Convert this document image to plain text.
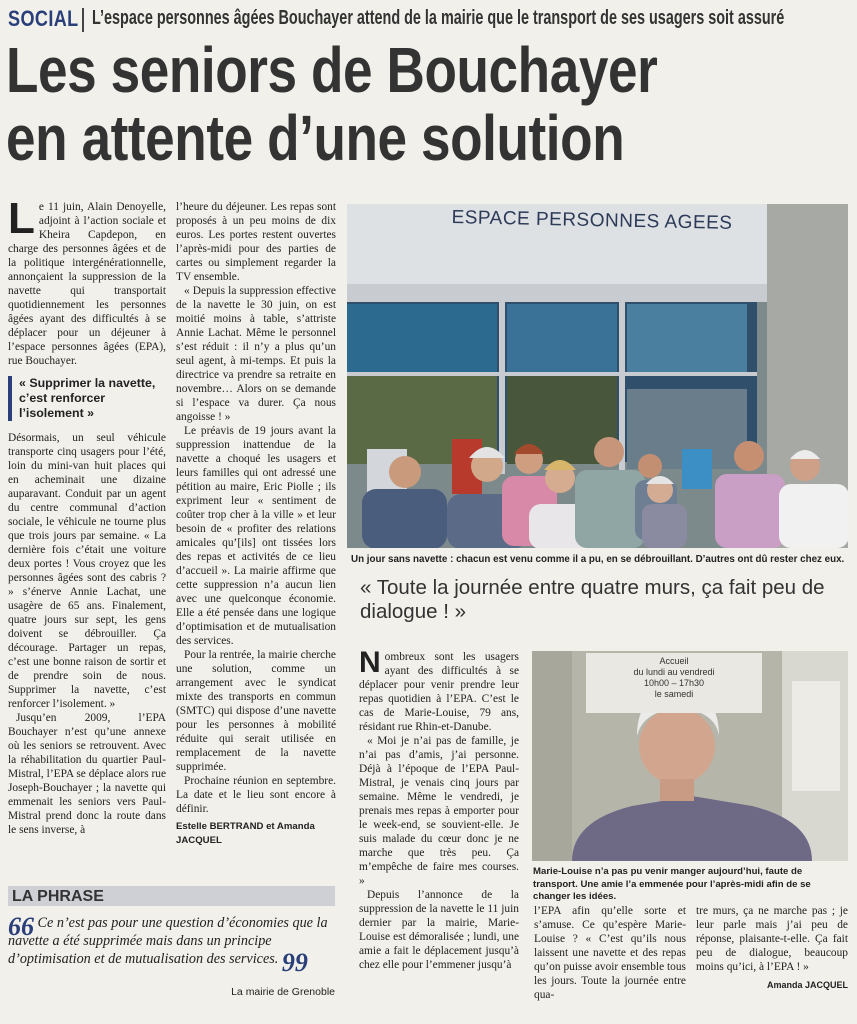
SOCIAL L’espace personnes âgées Bouchayer attend de la mairie que le transport de ses usagers soit assuré
Les seniors de Bouchayer
en attente d’une solution

Le 11 juin, Alain Denoyelle, adjoint à l’action sociale et Kheira Capdepon, en charge des personnes âgées et de la politique intergénérationnelle, annonçaient la suppression de la navette qui transportait quotidiennement les personnes âgées ayant des difficultés à se déplacer pour un déjeuner à l’espace personnes âgées (EPA), rue Bouchayer.

« Supprimer la navette, c’est renforcer l’isolement »

Désormais, un seul véhicule transporte cinq usagers pour l’été, loin du mini-van huit places qui en acheminait une dizaine auparavant. Conduit par un agent du centre communal d’action sociale, le véhicule ne tourne plus que trois jours par semaine. « La dernière fois c’était une voiture deux portes ! Vous croyez que les personnes âgées sont des cabris ? » s’énerve Annie Lachat, une usagère de 65 ans. Finalement, quatre jours sur sept, les gens doivent se débrouiller. Ça décourage. Partager un repas, c’est une bonne raison de sortir et de prendre soin de nous. Supprimer la navette, c’est renforcer l’isolement. »

Jusqu’en 2009, l’EPA Bouchayer n’est qu’une annexe où les seniors se retrouvent. Avec la réhabilitation du quartier Paul-Mistral, l’EPA se déplace alors rue Joseph-Bouchayer ; la navette qui emmenait les seniors vers Paul-Mistral prend donc la route dans le sens inverse, à

l’heure du déjeuner. Les repas sont proposés à un peu moins de dix euros. Les portes restent ouvertes l’après-midi pour des parties de cartes ou simplement regarder la TV ensemble.

« Depuis la suppression effective de la navette le 30 juin, on est moitié moins à table, s’attriste Annie Lachat. Même le personnel s’est réduit : il n’y a plus qu’un seul agent, à mi-temps. Et puis la directrice va prendre sa retraite en novembre… Alors on se demande si l’espace va durer. Ça nous angoisse ! »

Le préavis de 19 jours avant la suppression inattendue de la navette a choqué les usagers et leurs familles qui ont adressé une pétition au maire, Eric Piolle ; ils expriment leur « sentiment de coûter trop cher à la ville » et leur besoin de « profiter des relations amicales qu’[ils] ont tissées lors des repas et activités de ce lieu d’accueil ». La mairie affirme que cette suppression n’a aucun lien avec une quelconque économie. Elle a été pensée dans une logique d’optimisation et de mutualisation des services.

Pour la rentrée, la mairie cherche une solution, comme un arrangement avec le syndicat mixte des transports en commun (SMTC) qui dispose d’une navette pour les personnes à mobilité réduite qui serait utilisée en remplacement de la navette supprimée.

Prochaine réunion en septembre. La date et le lieu sont encore à définir.

Estelle BERTRAND et Amanda JACQUEL
ESPACE PERSONNES AGEES
Un jour sans navette : chacun est venu comme il a pu, en se débrouillant. D’autres ont dû rester chez eux.
« Toute la journée entre quatre murs, ça fait peu de dialogue ! »

Nombreux sont les usagers ayant des difficultés à se déplacer pour venir prendre leur repas quotidien à l’EPA. C’est le cas de Marie-Louise, 79 ans, résidant rue Rhin-et-Danube.

« Moi je n’ai pas de famille, je n’ai pas d’amis, j’ai personne. Déjà à l’époque de l’EPA Paul-Mistral, je venais cinq jours par semaine. Même le vendredi, je prenais mes repas à emporter pour le week-end, se souvient-elle. Je suis malade du cœur donc je ne marche que très peu. Ça m’empêche de faire mes courses. »

Depuis l’annonce de la suppression de la navette le 11 juin dernier par la mairie, Marie-Louise est démoralisée ; lundi, une amie a fait le déplacement jusqu’à chez elle pour l’emmener jusqu’à

Accueil
du lundi au vendredi
10h00 – 17h30
le samedi
Marie-Louise n’a pas pu venir manger aujourd’hui, faute de transport. Une amie l’a emmenée pour l’après-midi afin de se changer les idées.

l’EPA afin qu’elle sorte et s’amuse. Ce qu’espère Marie-Louise ? « C’est qu’ils nous laissent une navette et des repas qu’on puisse avoir ensemble tous les jours. Toute la journée entre qua-

tre murs, ça ne marche pas ; je leur parle mais j’ai peu de réponse, plaisante-t-elle. Ça fait peu de dialogue, beaucoup moins qu’ici, à l’EPA ! »

Amanda JACQUEL
LA PHRASE
66 Ce n’est pas pour une question d’économies que la navette a été supprimée mais dans un principe d’optimisation et de mutualisation des services. 99
La mairie de Grenoble
